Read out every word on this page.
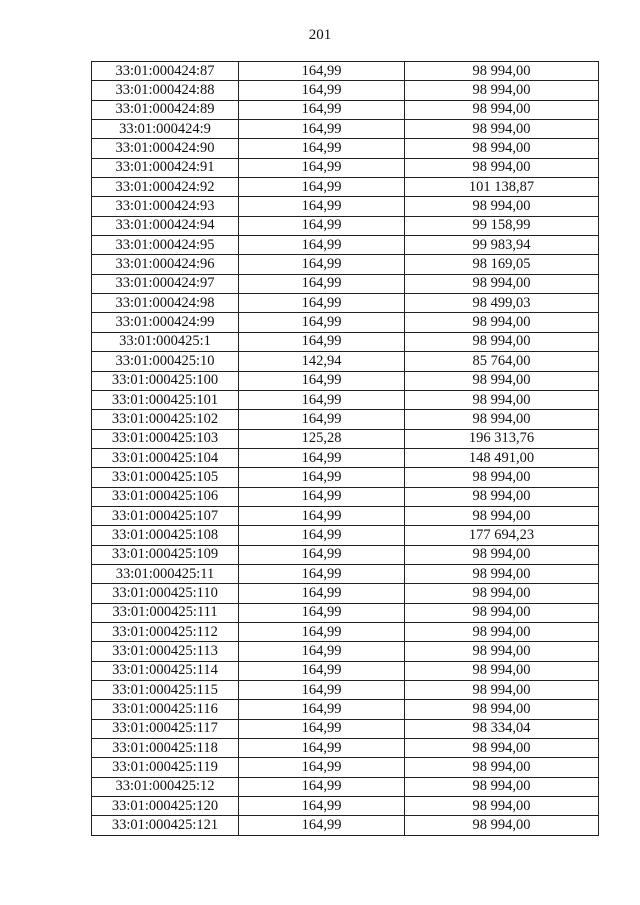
201
33:01:000424:87	164,99	98 994,00
33:01:000424:88	164,99	98 994,00
33:01:000424:89	164,99	98 994,00
33:01:000424:9	164,99	98 994,00
33:01:000424:90	164,99	98 994,00
33:01:000424:91	164,99	98 994,00
33:01:000424:92	164,99	101 138,87
33:01:000424:93	164,99	98 994,00
33:01:000424:94	164,99	99 158,99
33:01:000424:95	164,99	99 983,94
33:01:000424:96	164,99	98 169,05
33:01:000424:97	164,99	98 994,00
33:01:000424:98	164,99	98 499,03
33:01:000424:99	164,99	98 994,00
33:01:000425:1	164,99	98 994,00
33:01:000425:10	142,94	85 764,00
33:01:000425:100	164,99	98 994,00
33:01:000425:101	164,99	98 994,00
33:01:000425:102	164,99	98 994,00
33:01:000425:103	125,28	196 313,76
33:01:000425:104	164,99	148 491,00
33:01:000425:105	164,99	98 994,00
33:01:000425:106	164,99	98 994,00
33:01:000425:107	164,99	98 994,00
33:01:000425:108	164,99	177 694,23
33:01:000425:109	164,99	98 994,00
33:01:000425:11	164,99	98 994,00
33:01:000425:110	164,99	98 994,00
33:01:000425:111	164,99	98 994,00
33:01:000425:112	164,99	98 994,00
33:01:000425:113	164,99	98 994,00
33:01:000425:114	164,99	98 994,00
33:01:000425:115	164,99	98 994,00
33:01:000425:116	164,99	98 994,00
33:01:000425:117	164,99	98 334,04
33:01:000425:118	164,99	98 994,00
33:01:000425:119	164,99	98 994,00
33:01:000425:12	164,99	98 994,00
33:01:000425:120	164,99	98 994,00
33:01:000425:121	164,99	98 994,00
